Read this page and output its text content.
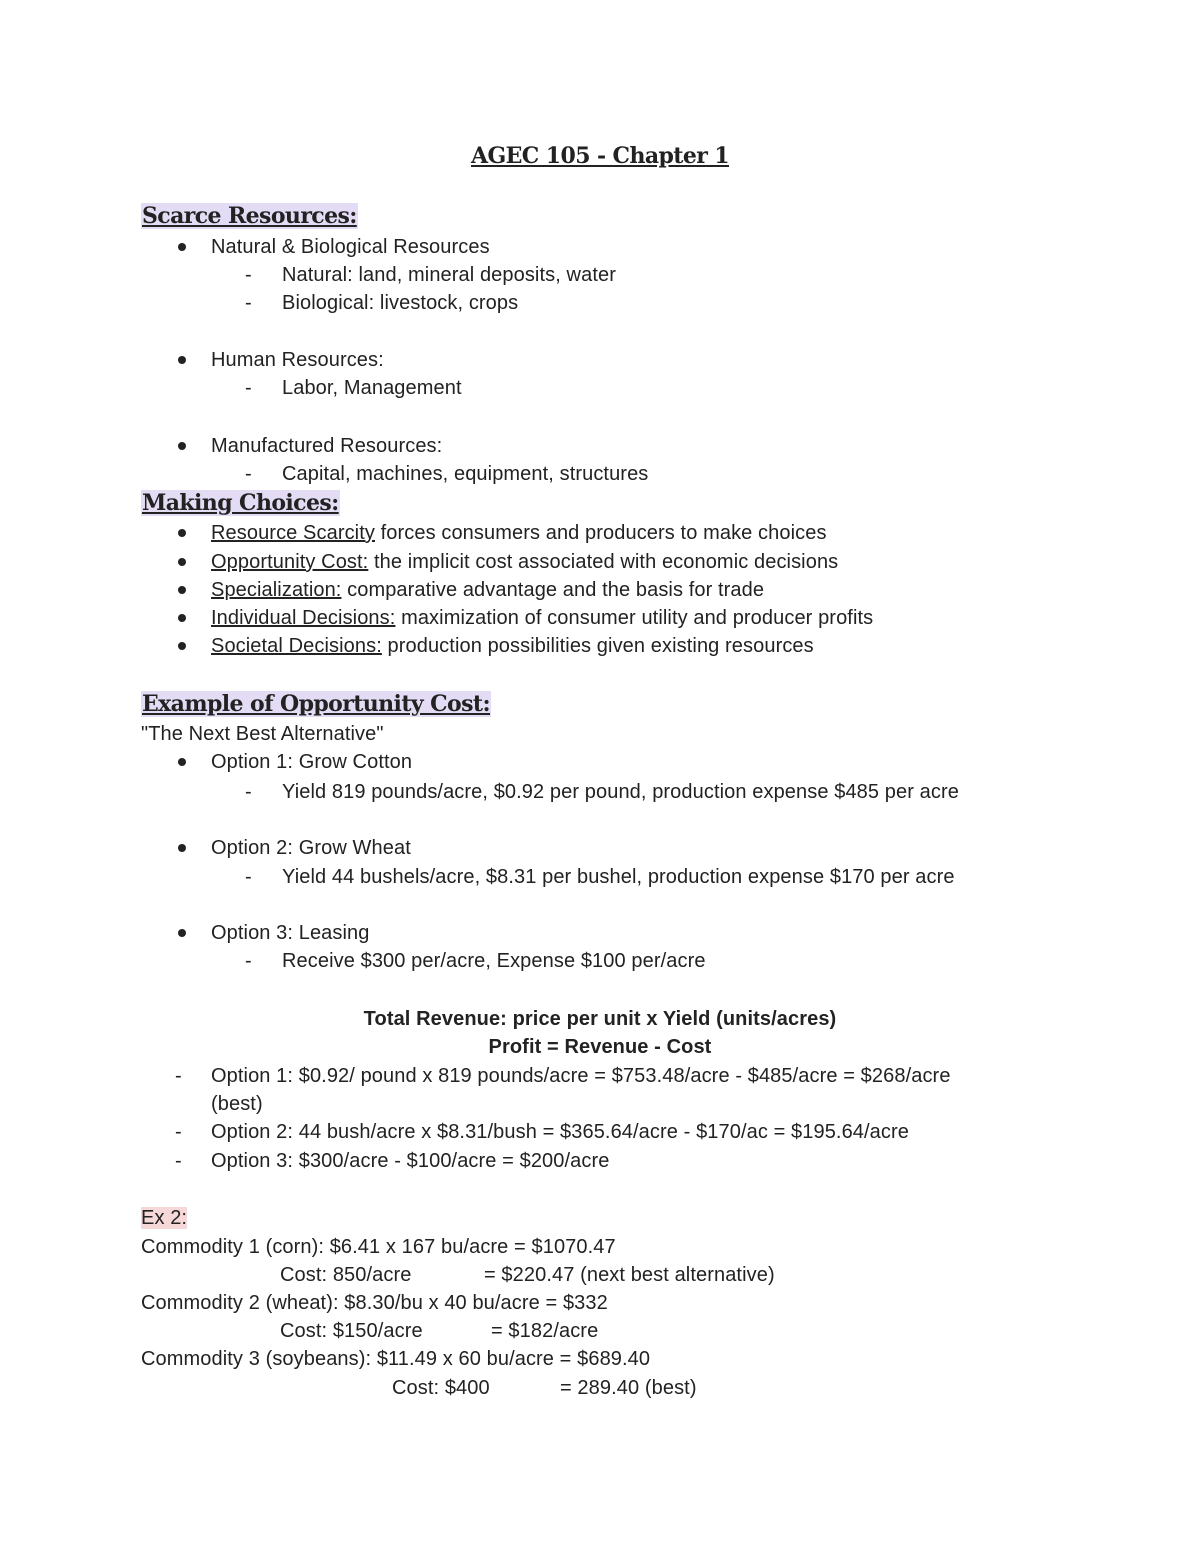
AGEC 105 - Chapter 1
Scarce Resources:
Natural & Biological Resources
- Natural: land, mineral deposits, water
- Biological: livestock, crops
Human Resources:
- Labor, Management
Manufactured Resources:
- Capital, machines, equipment, structures
Making Choices:
Resource Scarcity forces consumers and producers to make choices
Opportunity Cost: the implicit cost associated with economic decisions
Specialization: comparative advantage and the basis for trade
Individual Decisions: maximization of consumer utility and producer profits
Societal Decisions: production possibilities given existing resources
Example of Opportunity Cost:
"The Next Best Alternative"
Option 1: Grow Cotton
- Yield 819 pounds/acre, $0.92 per pound, production expense $485 per acre
Option 2: Grow Wheat
- Yield 44 bushels/acre, $8.31 per bushel, production expense $170 per acre
Option 3: Leasing
- Receive $300 per/acre, Expense $100 per/acre
Total Revenue: price per unit x Yield (units/acres)
Profit = Revenue - Cost
- Option 1: $0.92/ pound x 819 pounds/acre = $753.48/acre - $485/acre = $268/acre
(best)
- Option 2: 44 bush/acre x $8.31/bush = $365.64/acre - $170/ac = $195.64/acre
- Option 3: $300/acre - $100/acre = $200/acre
Ex 2:
Commodity 1 (corn): $6.41 x 167 bu/acre = $1070.47
Cost: 850/acre	= $220.47 (next best alternative)
Commodity 2 (wheat): $8.30/bu x 40 bu/acre = $332
Cost: $150/acre	= $182/acre
Commodity 3 (soybeans): $11.49 x 60 bu/acre = $689.40
Cost: $400	= 289.40 (best)
